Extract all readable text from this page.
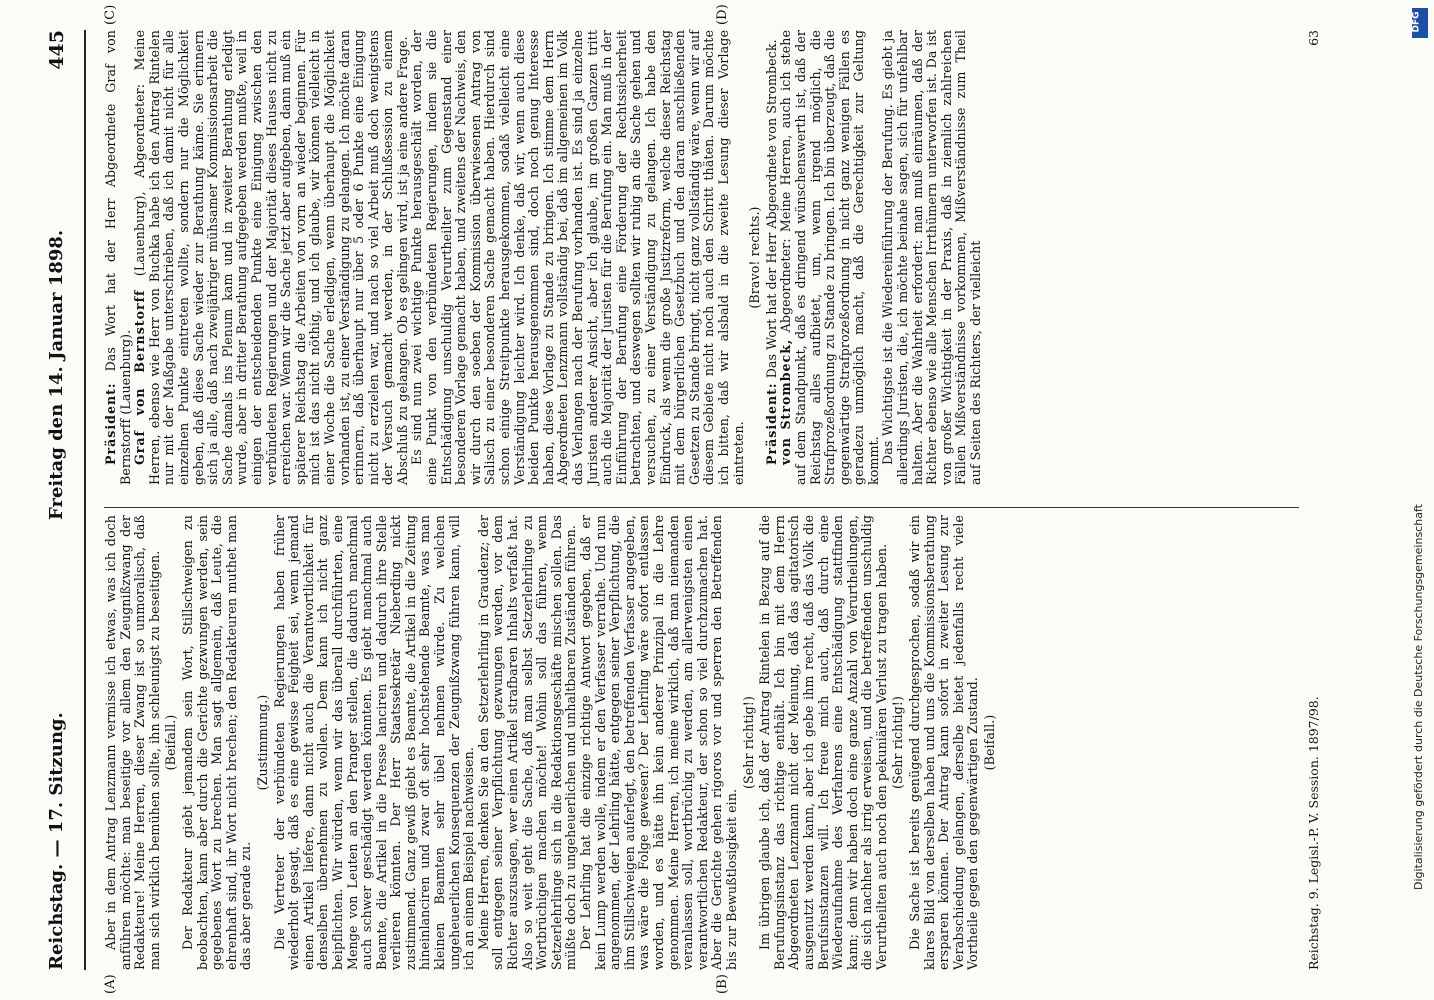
Reichstag. — 17. Sitzung.
Freitag den 14. Januar 1898.
445
(A)	(B)

Aber in dem Antrag Lenzmann vermisse ich etwas, was ich doch anführen möchte: man beseitige vor allem den Zeugnißzwang der Redakteure! Meine Herren, dieser Zwang ist so unmoralisch, daß man sich wirklich bemühen sollte, ihn schleunigst zu beseitigen. (Beifall.) Der Redakteur giebt jemandem sein Wort, Stillschweigen zu beobachten, kann aber durch die Gerichte gezwungen werden, sein gegebenes Wort zu brechen. Man sagt allgemein, daß Leute, die ehrenhaft sind, ihr Wort nicht brechen; den Redakteuren muthet man das aber gerade zu.

(Zustimmung.) Die Vertreter der verbündeten Regierungen haben früher wiederholt gesagt, daß es eine gewisse Feigheit sei, wenn jemand einen Artikel liefere, dann nicht auch die Verantwortlichkeit für denselben übernehmen zu wollen. Dem kann ich nicht ganz beipflichten. Wir würden, wenn wir das überall durchführten, eine Menge von Leuten an den Pranger stellen, die dadurch manchmal auch schwer geschädigt werden könnten. Es giebt manchmal auch Beamte, die Artikel in die Presse lanciren und dadurch ihre Stelle verlieren könnten. Der Herr Staatssekretär Nieberding nickt zustimmend. Ganz gewiß giebt es Beamte, die Artikel in die Zeitung hineinlanciren und zwar oft sehr hochstehende Beamte, was man kleinen Beamten sehr übel nehmen würde. Zu welchen ungeheuerlichen Konsequenzen der Zeugnißzwang führen kann, will ich an einem Beispiel nachweisen. Meine Herren, denken Sie an den Setzerlehrling in Graudenz; der soll entgegen seiner Verpflichtung gezwungen werden, vor dem Richter auszusagen, wer einen Artikel strafbaren Inhalts verfaßt hat. Also so weit geht die Sache, daß man selbst Setzerlehrlinge zu Wortbrüchigen machen möchte! Wohin soll das führen, wenn Setzerlehrlinge sich in die Redaktionsgeschäfte mischen sollen. Das müßte doch zu ungeheuerlichen und unhaltbaren Zuständen führen. Der Lehrling hat die einzige richtige Antwort gegeben, daß er kein Lump werden wolle, indem er den Verfasser verrathe. Und nun angenommen, der Lehrling hätte, entgegen seiner Verpflichtung, die ihm Stillschweigen auferlegt, den betreffenden Verfasser angegeben, was wäre die Folge gewesen? Der Lehrling wäre sofort entlassen worden, und es hätte ihn kein anderer Prinzipal in die Lehre genommen. Meine Herren, ich meine wirklich, daß man niemanden veranlassen soll, wortbrüchig zu werden, am allerwenigsten einen verantwortlichen Redakteur, der schon so viel durchzumachen hat. Aber die Gerichte gehen rigoros vor und sperren den Betreffenden bis zur Bewußtlosigkeit ein.

(Sehr richtig!) Im übrigen glaube ich, daß der Antrag Rintelen in Bezug auf die Berufungsinstanz das richtige enthält. Ich bin mit dem Herrn Abgeordneten Lenzmann nicht der Meinung, daß das agitatorisch ausgenutzt werden kann, aber ich gebe ihm recht, daß das Volk die Berufsinstanzen will. Ich freue mich auch, daß durch eine Wiederaufnahme des Verfahrens eine Entschädigung stattfinden kann; denn wir haben doch eine ganze Anzahl von Verurtheilungen, die sich nachher als irrig erweisen, und die betreffenden unschuldig Verurtheilten auch noch den pekuniären Verlust zu tragen haben. (Sehr richtig!) Die Sache ist bereits genügend durchgesprochen, sodaß wir ein klares Bild von derselben haben und uns die Kommissionsberathung ersparen können. Der Antrag kann sofort in zweiter Lesung zur Verabschiedung gelangen, derselbe bietet jedenfalls recht viele Vortheile gegen den gegenwärtigen Zustand. (Beifall.)

(C)	(D)

Präsident: Das Wort hat der Herr Abgeordnete Graf von Bernstorff (Lauenburg). Graf von Bernstorff (Lauenburg), Abgeordneter: Meine Herren, ebenso wie Herr von Buchka habe ich den Antrag Rintelen nur mit der Maßgabe unterschrieben, daß ich damit nicht für alle einzelnen Punkte eintreten wollte, sondern nur die Möglichkeit geben, daß diese Sache wieder zur Berathung käme. Sie erinnern sich ja alle, daß nach zweijähriger mühsamer Kommissionsarbeit die Sache damals ins Plenum kam und in zweiter Berathung erledigt wurde, aber in dritter Berathung aufgegeben werden mußte, weil in einigen der entscheidenden Punkte eine Einigung zwischen den verbündeten Regierungen und der Majorität dieses Hauses nicht zu erreichen war. Wenn wir die Sache jetzt aber aufgeben, dann muß ein späterer Reichstag die Arbeiten von vorn an wieder beginnen. Für mich ist das nicht nöthig, und ich glaube, wir können vielleicht in einer Woche die Sache erledigen, wenn überhaupt die Möglichkeit vorhanden ist, zu einer Verständigung zu gelangen. Ich möchte daran erinnern, daß überhaupt nur über 5 oder 6 Punkte eine Einigung nicht zu erzielen war, und nach so viel Arbeit muß doch wenigstens der Versuch gemacht werden, in der Schlußsession zu einem Abschluß zu gelangen. Ob es gelingen wird, ist ja eine andere Frage. Es sind nun zwei wichtige Punkte herausgeschält worden, der eine Punkt von den verbündeten Regierungen, indem sie die Entschädigung unschuldig Verurtheilter zum Gegenstand einer besonderen Vorlage gemacht haben, und zweitens der Nachweis, den wir durch den soeben der Kommission überwiesenen Antrag von Salisch zu einer besonderen Sache gemacht haben. Hierdurch sind schon einige Streitpunkte herausgekommen, sodaß vielleicht eine Verständigung leichter wird. Ich denke, daß wir, wenn auch diese beiden Punkte herausgenommen sind, doch noch genug Interesse haben, diese Vorlage zu Stande zu bringen. Ich stimme dem Herrn Abgeordneten Lenzmann vollständig bei, daß im allgemeinen im Volk das Verlangen nach der Berufung vorhanden ist. Es sind ja einzelne Juristen anderer Ansicht, aber ich glaube, im großen Ganzen tritt auch die Majorität der Juristen für die Berufung ein. Man muß in der Einführung der Berufung eine Förderung der Rechtssicherheit betrachten, und deswegen sollten wir ruhig an die Sache gehen und versuchen, zu einer Verständigung zu gelangen. Ich habe den Eindruck, als wenn die große Justizreform, welche dieser Reichstag mit dem bürgerlichen Gesetzbuch und den daran anschließenden Gesetzen zu Stande bringt, nicht ganz vollständig wäre, wenn wir auf diesem Gebiete nicht noch auch den Schritt thäten. Darum möchte ich bitten, daß wir alsbald in die zweite Lesung dieser Vorlage eintreten.

(Bravo! rechts.)

Präsident: Das Wort hat der Herr Abgeordnete von Strombeck.

von Strombeck, Abgeordneter: Meine Herren, auch ich stehe auf dem Standpunkt, daß es dringend wünschenswerth ist, daß der Reichstag alles aufbietet, um, wenn irgend möglich, die Strafprozeßordnung zu Stande zu bringen. Ich bin überzeugt, daß die gegenwärtige Strafprozeßordnung in nicht ganz wenigen Fällen es geradezu unmöglich macht, daß die Gerechtigkeit zur Geltung kommt. Das Wichtigste ist die Wiedereinführung der Berufung. Es giebt ja allerdings Juristen, die, ich möchte beinahe sagen, sich für unfehlbar halten. Aber die Wahrheit erfordert: man muß einräumen, daß der Richter ebenso wie alle Menschen Irrthümern unterworfen ist. Da ist von großer Wichtigkeit in der Praxis, daß in ziemlich zahlreichen Fällen Mißverständnisse vorkommen, Mißverständnisse zum Theil auf Seiten des Richters, der vielleicht

Reichstag. 9. Legisl.-P. V. Session. 1897/98.
63
DFG
Digitalisierung gefördert durch die Deutsche Forschungsgemeinschaft
